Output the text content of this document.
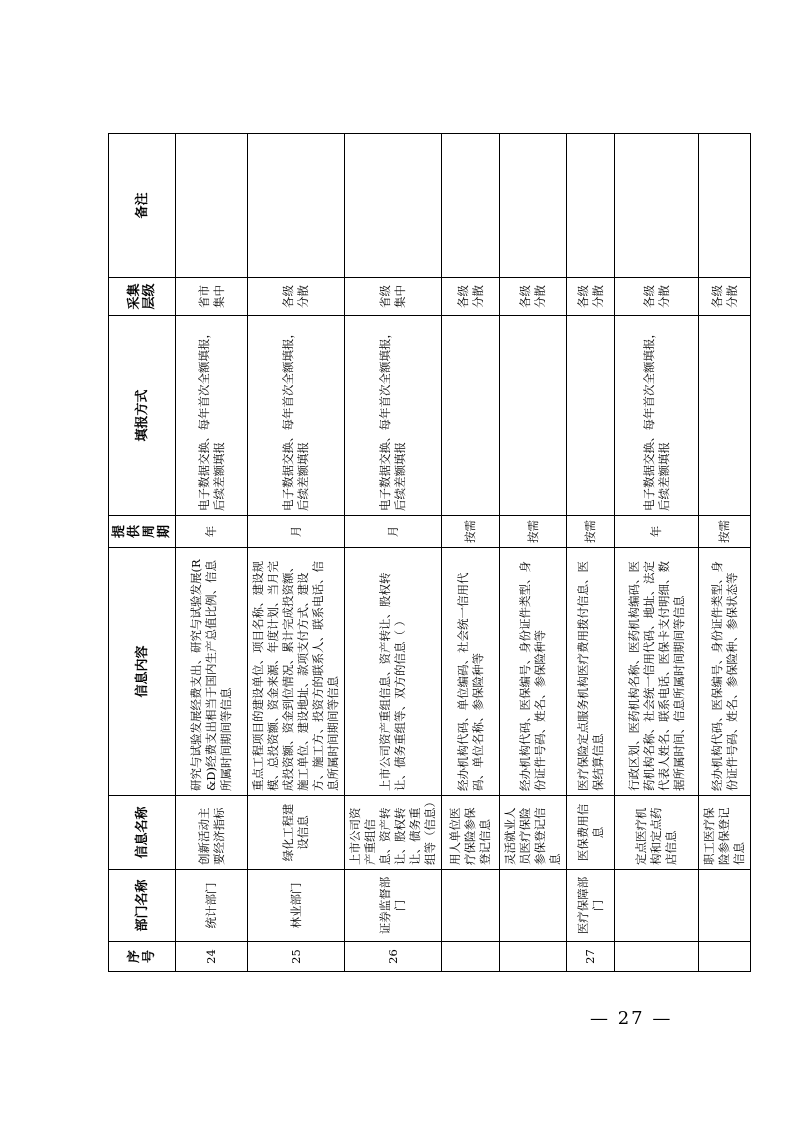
序号	部门名称	信息名称	信息内容	提供周期	填报方式	采集层级	备注
24	统计部门	创新活动主要经济指标	研究与试验发展经费支出、研究与试验发展(R&D)经费支出相当于国内生产总值比例、信息所属时间期间等信息	年	电子数据交换、每年首次全额填报，后续差额填报	省市集中	
25	林业部门	绿化工程建设信息	重点工程项目的建设单位、项目名称、建设规模、总投资额、资金来源、年度计划、当月完成投资额、资金到位情况、累计完成投资额、施工单位、建设地址、款项支付方式、建设方、施工方、投资方的联系人、联系电话、信息所属时间期间等信息	月	电子数据交换、每年首次全额填报，后续差额填报	各级分散	
26	证券监督部门	上市公司资产重组信息、资产转让、股权转让、债务重组等（信息）	上市公司资产重组信息、资产转让、股权转让、债务重组等、双方的信息（ ）	月	电子数据交换、每年首次全额填报，后续差额填报	省级集中	
		用人单位医疗保险参保登记信息	经办机构代码、单位编码、社会统一信用代码、单位名称、参保险种等	按需		各级分散	
		灵活就业人员医疗保险参保登记信息	经办机构代码、医保编号、身份证件类型、身份证件号码、姓名、参保险种等	按需		各级分散	
27	医疗保障部门	医保费用信息	医疗保险定点服务机构医疗费用拨付信息、医保结算信息	按需		各级分散	
		定点医疗机构和定点药店信息	行政区划、医药机构名称、医药机构编码、医药机构名称、社会统一信用代码、地址、法定代表人姓名、联系电话、医保卡支付明细、数据所属时间、信息所属时间期间等信息	年	电子数据交换、每年首次全额填报，后续差额填报	各级分散	
		职工医疗保险参保登记信息	经办机构代码、医保编号、身份证件类型、身份证件号码、姓名、参保险种、参保状态等	按需		各级分散	
— 27 —
